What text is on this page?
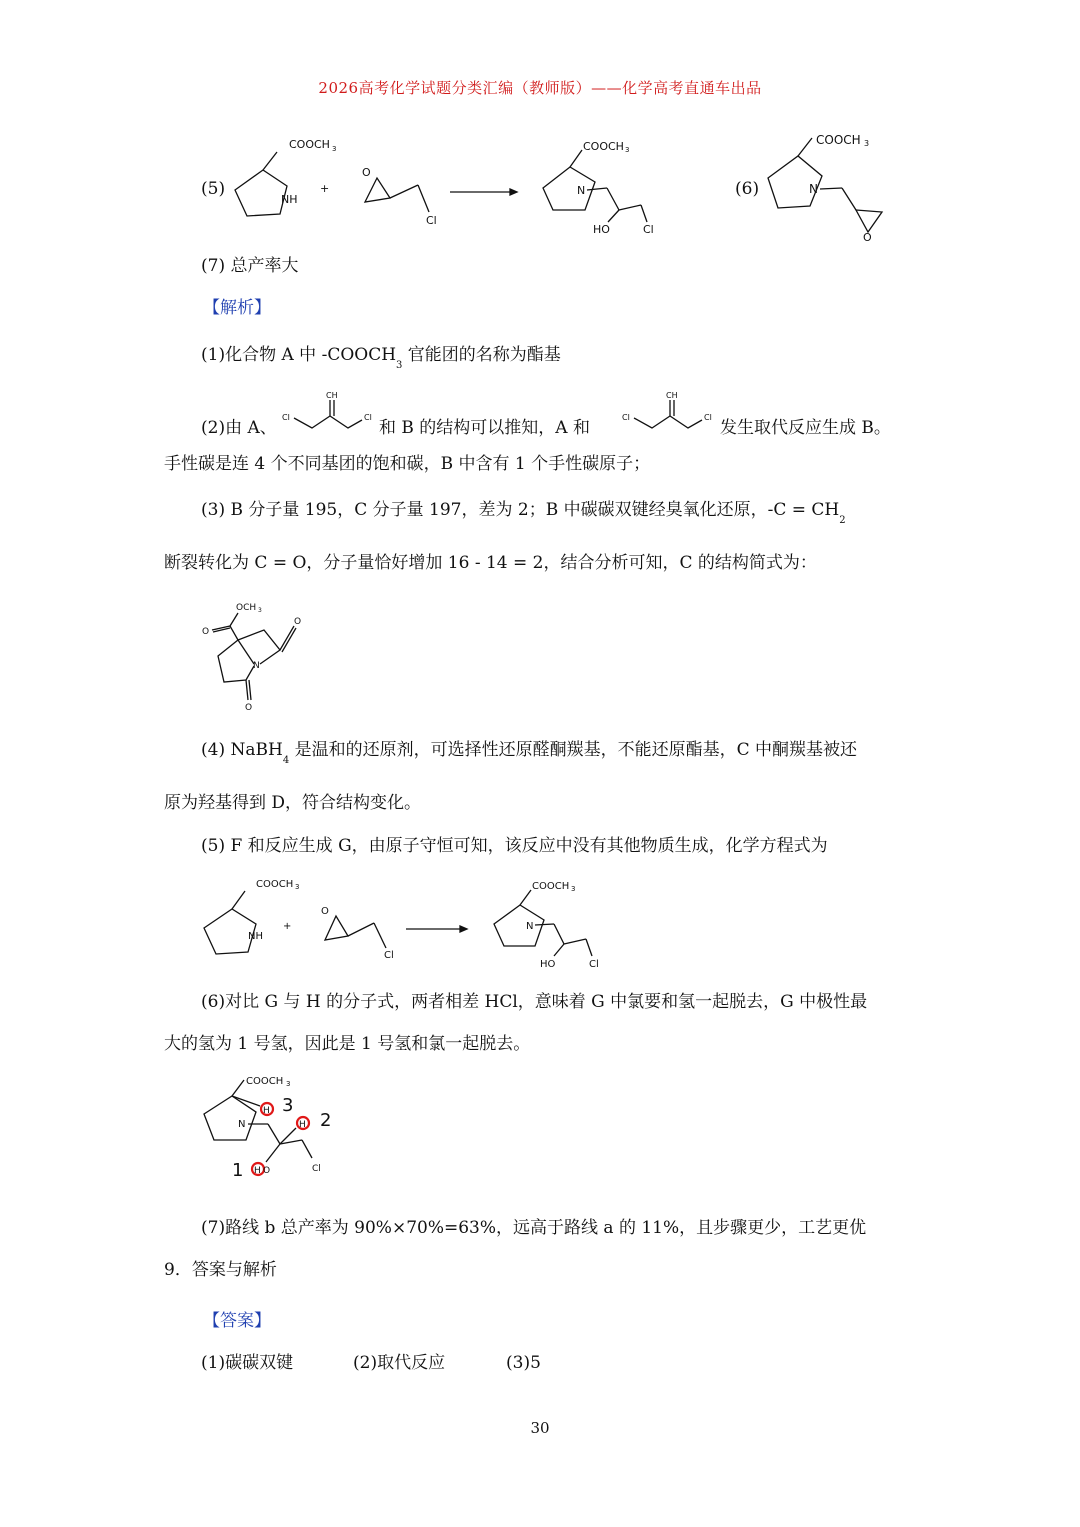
2026高考化学试题分类汇编（教师版）——化学高考直通车出品
(5)
COOCH 3
NH
+
O
Cl
COOCH 3
N
HO	Cl
(6)
COOCH 3
N
O
(7) 总产率大
【解析】
(1)化合物 A 中 $-COOCH_3$ 官能团的名称为酯基
(2)由 A、
Cl
CH
Cl
和 B 的结构可以推知，A 和
Cl
CH
Cl
发生取代反应生成 B。
手性碳是连 4 个不同基团的饱和碳，B 中含有 1 个手性碳原子；
(3) B 分子量 195，C 分子量 197，差为 2；B 中碳碳双键经臭氧化还原，$-C = CH_2$
断裂转化为 C = O，分子量恰好增加 16 - 14 = 2，结合分析可知，C 的结构简式为：
OCH 3
O
O
N
O
(4) NaBH$_4$ 是温和的还原剂，可选择性还原醛酮羰基，不能还原酯基，C 中酮羰基被还
原为羟基得到 D，符合结构变化。
(5) F 和反应生成 G，由原子守恒可知，该反应中没有其他物质生成，化学方程式为
COOCH 3
NH
+
O
Cl
COOCH 3
N
HO	Cl
(6)对比 G 与 H 的分子式，两者相差 HCl，意味着 G 中氯要和氢一起脱去，G 中极性最
大的氢为 1 号氢，因此是 1 号氢和氯一起脱去。
COOCH 3
H 3
N	H 2
H O
1	Cl
(7)路线 b 总产率为 90%×70%=63%，远高于路线 a 的 11%，且步骤更少，工艺更优
9．答案与解析
【答案】
(1)碳碳双键	(2)取代反应	(3)5
30
